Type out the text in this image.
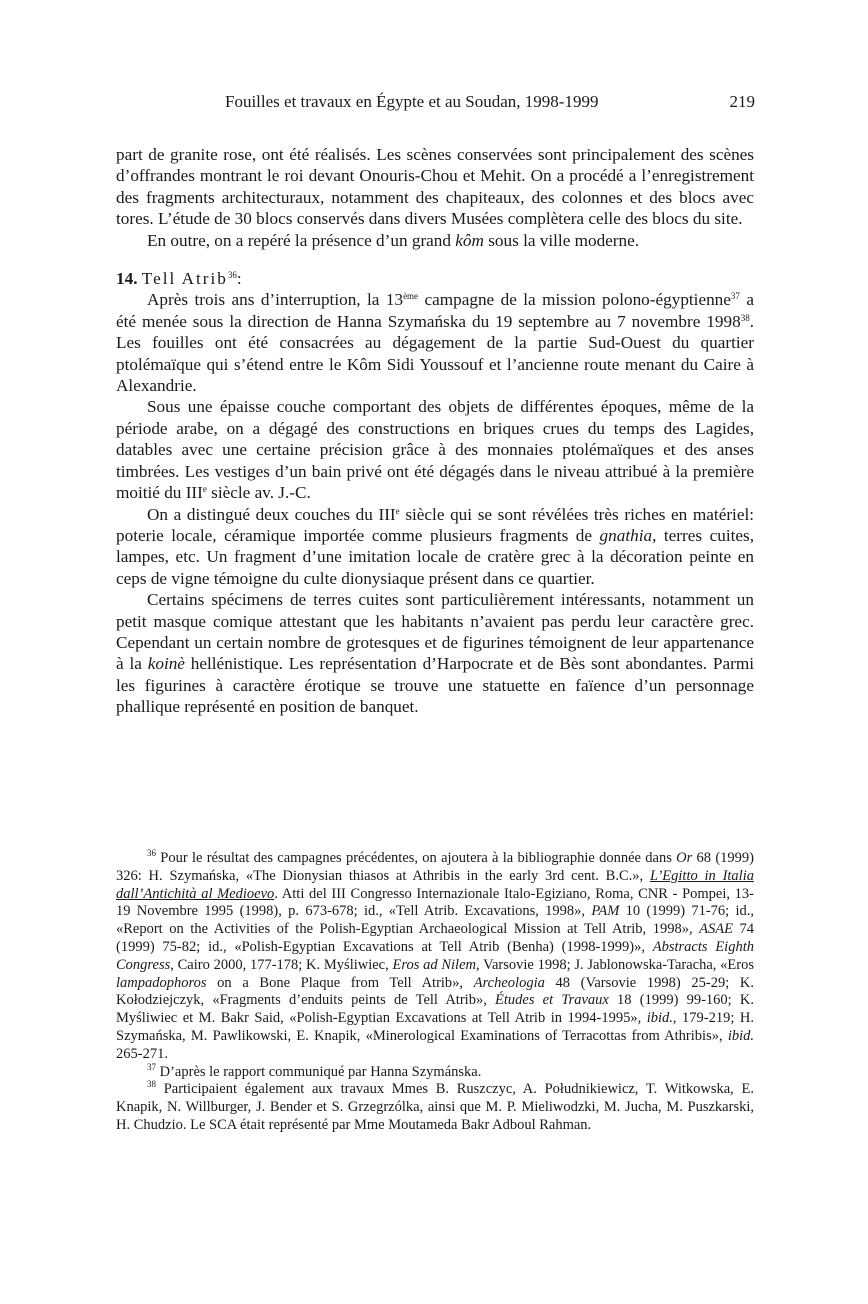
Fouilles et travaux en Égypte et au Soudan, 1998-1999	219

part de granite rose, ont été réalisés. Les scènes conservées sont principalement des scènes d’offrandes montrant le roi devant Onouris-Chou et Mehit. On a procédé a l’enregistrement des fragments architecturaux, notamment des chapiteaux, des colonnes et des blocs avec tores. L’étude de 30 blocs conservés dans divers Musées complètera celle des blocs du site.

En outre, on a repéré la présence d’un grand kôm sous la ville moderne.

14. Tell Atrib$^{36}$:

Après trois ans d’interruption, la 13ème campagne de la mission polono-égyptienne$^{37}$ a été menée sous la direction de Hanna Szymańska du 19 septembre au 7 novembre 1998$^{38}$. Les fouilles ont été consacrées au dégagement de la partie Sud-Ouest du quartier ptolémaïque qui s’étend entre le Kôm Sidi Youssouf et l’ancienne route menant du Caire à Alexandrie.

Sous une épaisse couche comportant des objets de différentes époques, même de la période arabe, on a dégagé des constructions en briques crues du temps des Lagides, datables avec une certaine précision grâce à des monnaies ptolémaïques et des anses timbrées. Les vestiges d’un bain privé ont été dégagés dans le niveau attribué à la première moitié du IIIe siècle av. J.-C.

On a distingué deux couches du IIIe siècle qui se sont révélées très riches en matériel: poterie locale, céramique importée comme plusieurs fragments de gnathia, terres cuites, lampes, etc. Un fragment d’une imitation locale de cratère grec à la décoration peinte en ceps de vigne témoigne du culte dionysiaque présent dans ce quartier.

Certains spécimens de terres cuites sont particulièrement intéressants, notamment un petit masque comique attestant que les habitants n’avaient pas perdu leur caractère grec. Cependant un certain nombre de grotesques et de figurines témoignent de leur appartenance à la koinè hellénistique. Les représentation d’Harpocrate et de Bès sont abondantes. Parmi les figurines à caractère érotique se trouve une statuette en faïence d’un personnage phallique représenté en position de banquet.

$^{36}$ Pour le résultat des campagnes précédentes, on ajoutera à la bibliographie donnée dans Or 68 (1999) 326: H. Szymańska, «The Dionysian thiasos at Athribis in the early 3rd cent. B.C.», L’Egitto in Italia dall’Antichità al Medioevo. Atti del III Congresso Internazionale Italo-Egiziano, Roma, CNR - Pompei, 13-19 Novembre 1995 (1998), p. 673-678; id., «Tell Atrib. Excavations, 1998», PAM 10 (1999) 71-76; id., «Report on the Activities of the Polish-Egyptian Archaeological Mission at Tell Atrib, 1998», ASAE 74 (1999) 75-82; id., «Polish-Egyptian Excavations at Tell Atrib (Benha) (1998-1999)», Abstracts Eighth Congress, Cairo 2000, 177-178; K. Myśliwiec, Eros ad Nilem, Varsovie 1998; J. Jablonowska-Taracha, «Eros lampadophoros on a Bone Plaque from Tell Atrib», Archeologia 48 (Varsovie 1998) 25-29; K. Kołodziejczyk, «Fragments d’enduits peints de Tell Atrib», Études et Travaux 18 (1999) 99-160; K. Myśliwiec et M. Bakr Said, «Polish-Egyptian Excavations at Tell Atrib in 1994-1995», ibid., 179-219; H. Szymańska, M. Pawlikowski, E. Knapik, «Minerological Examinations of Terracottas from Athribis», ibid. 265-271.

$^{37}$ D’après le rapport communiqué par Hanna Szymánska.

$^{38}$ Participaient également aux travaux Mmes B. Ruszczyc, A. Południkiewicz, T. Witkowska, E. Knapik, N. Willburger, J. Bender et S. Grzegrzólka, ainsi que M. P. Mieliwodzki, M. Jucha, M. Puszkarski, H. Chudzio. Le SCA était représenté par Mme Moutameda Bakr Adboul Rahman.
